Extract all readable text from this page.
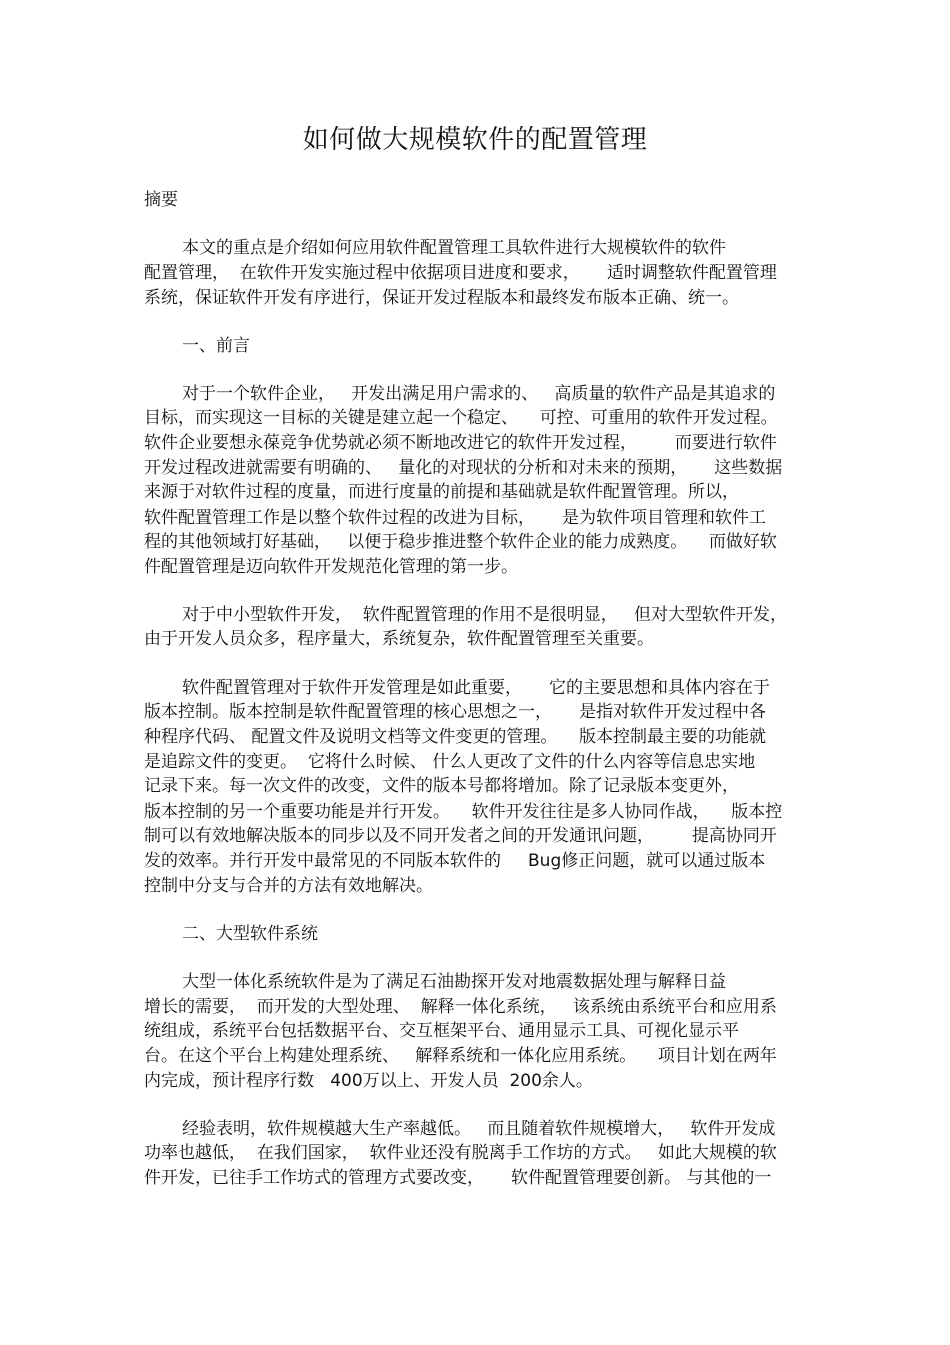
如何做大规模软件的配置管理

摘要

本文的重点是介绍如何应用软件配置管理工具软件进行大规模软件的软件

配置管理，  在软件开发实施过程中依据项目进度和要求，     适时调整软件配置管理

系统，保证软件开发有序进行，保证开发过程版本和最终发布版本正确、统一。

一、前言

对于一个软件企业，   开发出满足用户需求的、   高质量的软件产品是其追求的

目标，而实现这一目标的关键是建立起一个稳定、    可控、可重用的软件开发过程。

软件企业要想永葆竞争优势就必须不断地改进它的软件开发过程，       而要进行软件

开发过程改进就需要有明确的、   量化的对现状的分析和对未来的预期，     这些数据

来源于对软件过程的度量，而进行度量的前提和基础就是软件配置管理。所以，

软件配置管理工作是以整个软件过程的改进为目标，     是为软件项目管理和软件工

程的其他领域打好基础，   以便于稳步推进整个软件企业的能力成熟度。    而做好软

件配置管理是迈向软件开发规范化管理的第一步。

对于中小型软件开发，  软件配置管理的作用不是很明显，   但对大型软件开发，

由于开发人员众多，程序量大，系统复杂，软件配置管理至关重要。

软件配置管理对于软件开发管理是如此重要，     它的主要思想和具体内容在于

版本控制。版本控制是软件配置管理的核心思想之一，     是指对软件开发过程中各

种程序代码、 配置文件及说明文档等文件变更的管理。    版本控制最主要的功能就

是追踪文件的变更。  它将什么时候、 什么人更改了文件的什么内容等信息忠实地

记录下来。每一次文件的改变，文件的版本号都将增加。除了记录版本变更外，

版本控制的另一个重要功能是并行开发。    软件开发往往是多人协同作战，    版本控

制可以有效地解决版本的同步以及不同开发者之间的开发通讯问题，       提高协同开

发的效率。并行开发中最常见的不同版本软件的     Bug修正问题，就可以通过版本

控制中分支与合并的方法有效地解决。

二、大型软件系统

大型一体化系统软件是为了满足石油勘探开发对地震数据处理与解释日益

增长的需要，  而开发的大型处理、  解释一体化系统，   该系统由系统平台和应用系

统组成，系统平台包括数据平台、交互框架平台、通用显示工具、可视化显示平

台。在这个平台上构建处理系统、   解释系统和一体化应用系统。    项目计划在两年

内完成，预计程序行数   400万以上、开发人员  200余人。

经验表明，软件规模越大生产率越低。   而且随着软件规模增大，   软件开发成

功率也越低，  在我们国家，  软件业还没有脱离手工作坊的方式。   如此大规模的软

件开发，已往手工作坊式的管理方式要改变，     软件配置管理要创新。 与其他的一
